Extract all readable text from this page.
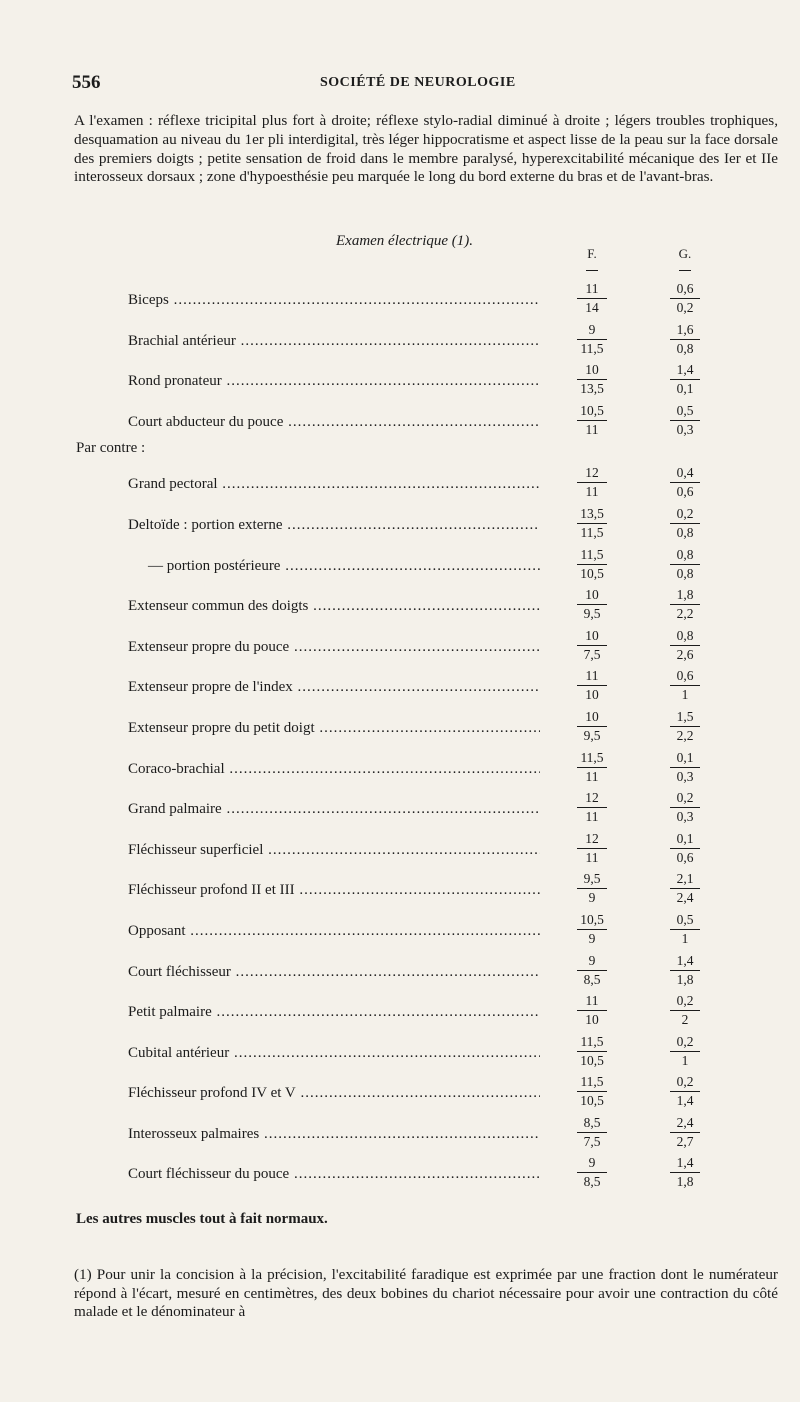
556	SOCIÉTÉ DE NEUROLOGIE

A l'examen : réflexe tricipital plus fort à droite; réflexe stylo-radial diminué à droite ; légers troubles trophiques, desquamation au niveau du 1er pli interdigital, très léger hippocratisme et aspect lisse de la peau sur la face dorsale des premiers doigts ; petite sensation de froid dans le membre paralysé, hyperexcitabilité mécanique des Ier et IIe interosseux dorsaux ; zone d'hypoesthésie peu marquée le long du bord externe du bras et de l'avant-bras.

Examen électrique (1).
F.	G.
Biceps .....	$\frac{11}{14}$	$\frac{0,6}{0,2}$
Brachial antérieur .....	$\frac{9}{11,5}$	$\frac{1,6}{0,8}$
Rond pronateur .....	$\frac{10}{13,5}$	$\frac{1,4}{0,1}$
Court abducteur du pouce .....	$\frac{10,5}{11}$	$\frac{0,5}{0,3}$
Par contre :
Grand pectoral .....	$\frac{12}{11}$	$\frac{0,4}{0,6}$
Deltoïde : portion externe .....	$\frac{13,5}{11,5}$	$\frac{0,2}{0,8}$
— portion postérieure .....	$\frac{11,5}{10,5}$	$\frac{0,8}{0,8}$
Extenseur commun des doigts .....	$\frac{10}{9,5}$	$\frac{1,8}{2,2}$
Extenseur propre du pouce .....	$\frac{10}{7,5}$	$\frac{0,8}{2,6}$
Extenseur propre de l'index .....	$\frac{11}{10}$	$\frac{0,6}{1}$
Extenseur propre du petit doigt .....	$\frac{10}{9,5}$	$\frac{1,5}{2,2}$
Coraco-brachial .....	$\frac{11,5}{11}$	$\frac{0,1}{0,3}$
Grand palmaire .....	$\frac{12}{11}$	$\frac{0,2}{0,3}$
Fléchisseur superficiel .....	$\frac{12}{11}$	$\frac{0,1}{0,6}$
Fléchisseur profond II et III .....	$\frac{9,5}{9}$	$\frac{2,1}{2,4}$
Opposant .....	$\frac{10,5}{9}$	$\frac{0,5}{1}$
Court fléchisseur .....	$\frac{9}{8,5}$	$\frac{1,4}{1,8}$
Petit palmaire .....	$\frac{11}{10}$	$\frac{0,2}{2}$
Cubital antérieur .....	$\frac{11,5}{10,5}$	$\frac{0,2}{1}$
Fléchisseur profond IV et V .....	$\frac{11,5}{10,5}$	$\frac{0,2}{1,4}$
Interosseux palmaires .....	$\frac{8,5}{7,5}$	$\frac{2,4}{2,7}$
Court fléchisseur du pouce .....	$\frac{9}{8,5}$	$\frac{1,4}{1,8}$
Les autres muscles tout à fait normaux.

(1) Pour unir la concision à la précision, l'excitabilité faradique est exprimée par une fraction dont le numérateur répond à l'écart, mesuré en centimètres, des deux bobines du chariot nécessaire pour avoir une contraction du côté malade et le dénominateur à
